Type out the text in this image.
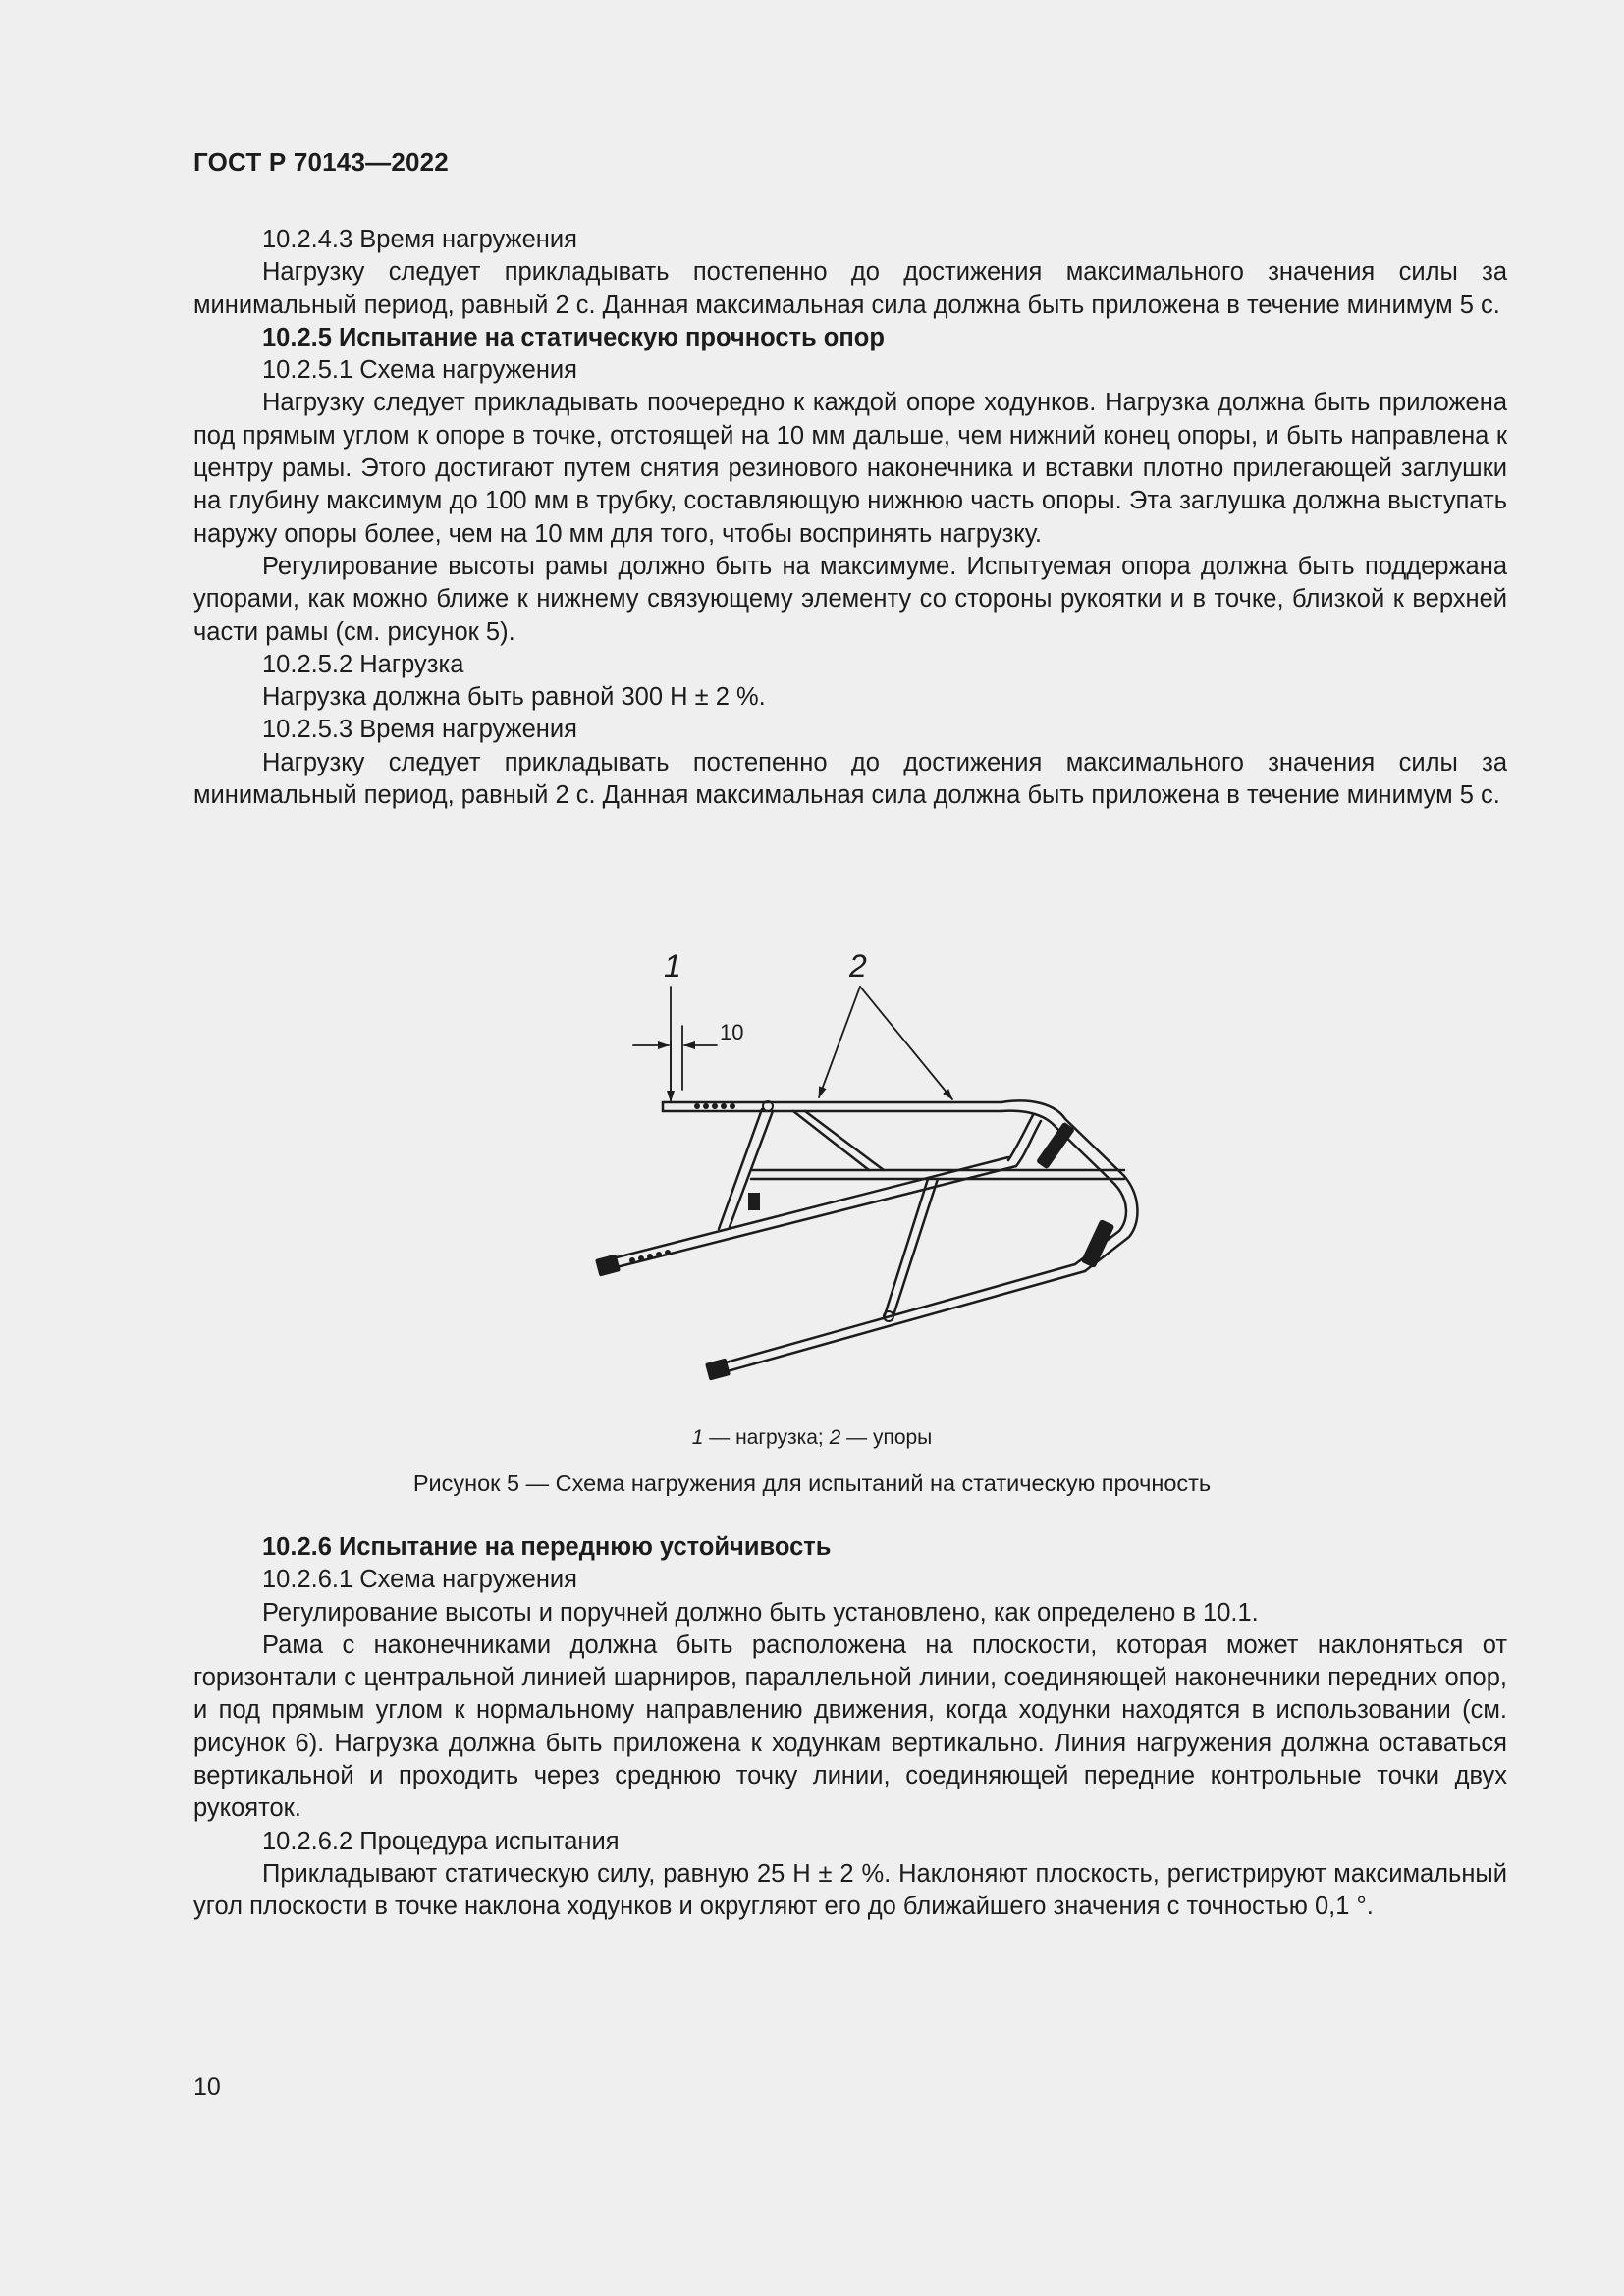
ГОСТ Р 70143—2022

10.2.4.3 Время нагружения

Нагрузку следует прикладывать постепенно до достижения максимального значения силы за минимальный период, равный 2 с. Данная максимальная сила должна быть приложена в течение минимум 5 с.

10.2.5 Испытание на статическую прочность опор

10.2.5.1 Схема нагружения

Нагрузку следует прикладывать поочередно к каждой опоре ходунков. Нагрузка должна быть приложена под прямым углом к опоре в точке, отстоящей на 10 мм дальше, чем нижний конец опоры, и быть направлена к центру рамы. Этого достигают путем снятия резинового наконечника и вставки плотно прилегающей заглушки на глубину максимум до 100 мм в трубку, составляющую нижнюю часть опоры. Эта заглушка должна выступать наружу опоры более, чем на 10 мм для того, чтобы воспринять нагрузку.

Регулирование высоты рамы должно быть на максимуме. Испытуемая опора должна быть поддержана упорами, как можно ближе к нижнему связующему элементу со стороны рукоятки и в точке, близкой к верхней части рамы (см. рисунок 5).

10.2.5.2 Нагрузка

Нагрузка должна быть равной 300 Н ± 2 %.

10.2.5.3 Время нагружения

Нагрузку следует прикладывать постепенно до достижения максимального значения силы за минимальный период, равный 2 с. Данная максимальная сила должна быть приложена в течение минимум 5 с.

1	2
10
1 — нагрузка; 2 — упоры
Рисунок 5 — Схема нагружения для испытаний на статическую прочность

10.2.6 Испытание на переднюю устойчивость

10.2.6.1 Схема нагружения

Регулирование высоты и поручней должно быть установлено, как определено в 10.1.

Рама с наконечниками должна быть расположена на плоскости, которая может наклоняться от горизонтали с центральной линией шарниров, параллельной линии, соединяющей наконечники передних опор, и под прямым углом к нормальному направлению движения, когда ходунки находятся в использовании (см. рисунок 6). Нагрузка должна быть приложена к ходункам вертикально. Линия нагружения должна оставаться вертикальной и проходить через среднюю точку линии, соединяющей передние контрольные точки двух рукояток.

10.2.6.2 Процедура испытания

Прикладывают статическую силу, равную 25 Н ± 2 %. Наклоняют плоскость, регистрируют максимальный угол плоскости в точке наклона ходунков и округляют его до ближайшего значения с точностью 0,1 °.

10
